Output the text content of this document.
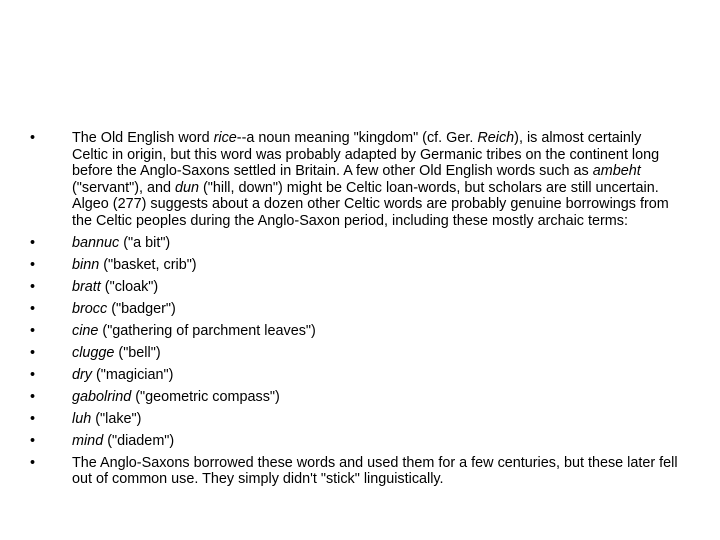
•	The Old English word rice--a noun meaning "kingdom" (cf. Ger. Reich), is almost certainly Celtic in origin, but this word was probably adapted by Germanic tribes on the continent long before the Anglo-Saxons settled in Britain. A few other Old English words such as ambeht ("servant"), and dun ("hill, down") might be Celtic loan-words, but scholars are still uncertain. Algeo (277) suggests about a dozen other Celtic words are probably genuine borrowings from the Celtic peoples during the Anglo-Saxon period, including these mostly archaic terms:
•	bannuc ("a bit")
•	binn ("basket, crib")
•	bratt ("cloak")
•	brocc ("badger")
•	cine ("gathering of parchment leaves")
•	clugge ("bell")
•	dry ("magician")
•	gabolrind ("geometric compass")
•	luh ("lake")
•	mind ("diadem")
•	The Anglo-Saxons borrowed these words and used them for a few centuries, but these later fell out of common use. They simply didn't "stick" linguistically.
